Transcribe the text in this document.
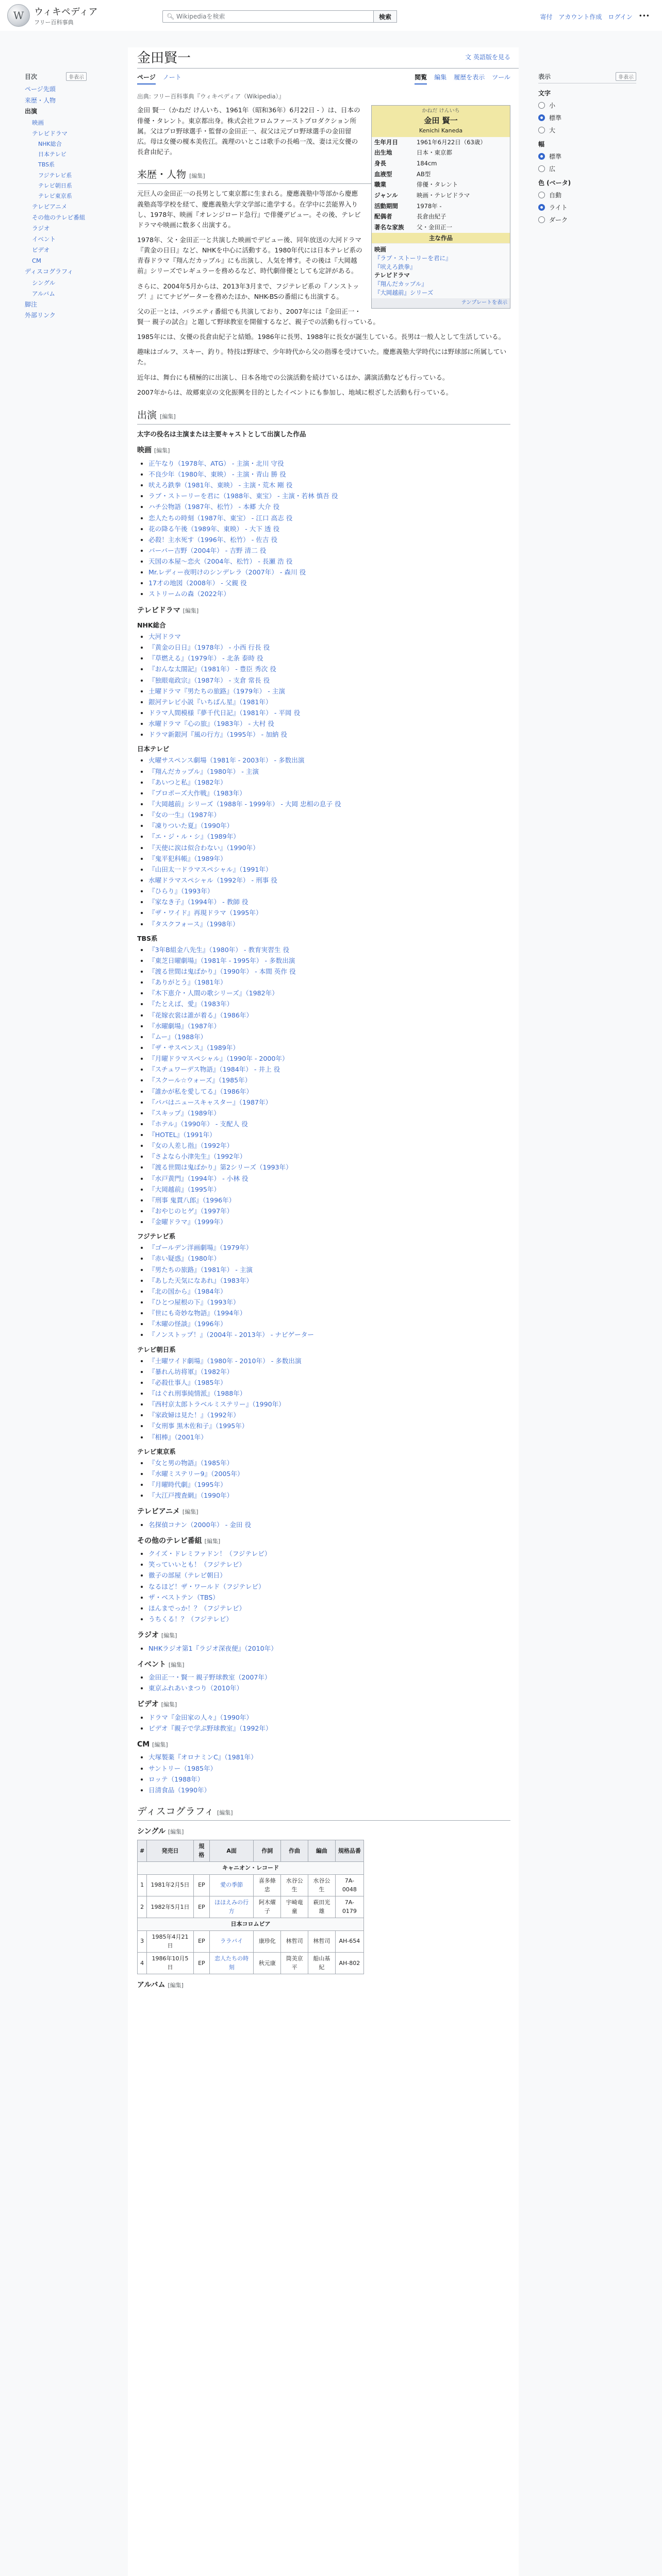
W	ウィキペディア
フリー百科事典
🔍︎ Wikipediaを検索	検索	寄付 アカウント作成 ログイン •••
目次	非表示
ページ先頭
来歴・人物
出演
映画
テレビドラマ
NHK総合
日本テレビ
TBS系
フジテレビ系
テレビ朝日系
テレビ東京系
テレビアニメ
その他のテレビ番組
ラジオ
イベント
ビデオ
CM
ディスコグラフィ
シングル
アルバム
脚注
外部リンク
表示	非表示
文字
小
標準
大
幅
標準
広
色 (ベータ)
自動
ライト
ダーク
金田賢一	文 英語版を見る
ページ ノート	閲覧 編集 履歴を表示 ツール
出典: フリー百科事典『ウィキペディア（Wikipedia）』
かねだ けんいち
金田 賢一
Kenichi Kaneda
生年月日	1961年6月22日（63歳）
出生地	日本・東京都
身長	184cm
血液型	AB型
職業	俳優・タレント
ジャンル	映画・テレビドラマ
活動期間	1978年 -
配偶者	長倉由紀子
著名な家族	父・金田正一
主な作品
映画
『ラブ・ストーリーを君に』
『吠えろ鉄拳』
テレビドラマ
『翔んだカップル』
『大岡越前』シリーズ
テンプレートを表示

金田 賢一（かねだ けんいち、1961年（昭和36年）6月22日 - ）は、日本の俳優・タレント。東京都出身。株式会社フロムファーストプロダクション所属。父はプロ野球選手・監督の金田正一、叔父は元プロ野球選手の金田留広。母は女優の榎本美佐江。義理のいとこは歌手の長嶋一茂、妻は元女優の長倉由紀子。

来歴・人物 [編集]

元巨人の金田正一の長男として東京都に生まれる。慶應義塾中等部から慶應義塾高等学校を経て、慶應義塾大学文学部に進学する。在学中に芸能界入りし、1978年、映画『オレンジロード急行』で俳優デビュー。その後、テレビドラマや映画に数多く出演する。

1978年、父・金田正一と共演した映画でデビュー後、同年放送の大河ドラマ『黄金の日日』など、NHKを中心に活動する。1980年代には日本テレビ系の青春ドラマ『翔んだカップル』にも出演し、人気を博す。その後は『大岡越前』シリーズでレギュラーを務めるなど、時代劇俳優としても定評がある。

さらに、2004年5月からは、2013年3月まで、フジテレビ系の『ノンストップ！』にてナビゲーターを務めたほか、NHK-BSの番組にも出演する。

父の正一とは、バラエティ番組でも共演しており、2007年には『金田正一・賢一 親子の試合』と題して野球教室を開催するなど、親子での活動も行っている。

1985年には、女優の長倉由紀子と結婚。1986年に長男、1988年に長女が誕生している。長男は一般人として生活している。

趣味はゴルフ、スキー、釣り。特技は野球で、少年時代から父の指導を受けていた。慶應義塾大学時代には野球部に所属していた。

近年は、舞台にも積極的に出演し、日本各地での公演活動を続けているほか、講演活動なども行っている。

2007年からは、故郷東京の文化振興を目的としたイベントにも参加し、地域に根ざした活動も行っている。

出演 [編集]
太字の役名は主演または主要キャストとして出演した作品
映画 [編集]
• 正午なり（1978年、ATG） - 主演・北川 守役
• 不良少年（1980年、東映） - 主演・青山 勝 役
• 吠えろ鉄拳（1981年、東映） - 主演・荒木 剛 役
• ラブ・ストーリーを君に（1988年、東宝） - 主演・若林 慎吾 役
• ハチ公物語（1987年、松竹） - 本郷 大介 役
• 恋人たちの時刻（1987年、東宝） - 江口 高志 役
• 花の降る午後（1989年、東映） - 大下 透 役
• 必殺！主水死す（1996年、松竹） - 佐吉 役
• バーバー吉野（2004年） - 吉野 清二 役
• 天国の本屋〜恋火（2004年、松竹） - 長瀬 浩 役
• Mr.レディー夜明けのシンデレラ（2007年） - 森川 役
• 17才の地図（2008年） - 父親 役
• ストリームの森（2022年）
テレビドラマ [編集]
NHK総合
• 大河ドラマ
• 『黄金の日日』（1978年） - 小西 行長 役
• 『草燃える』（1979年） - 北条 泰時 役
• 『おんな太閤記』（1981年） - 豊臣 秀次 役
• 『独眼竜政宗』（1987年） - 支倉 常長 役
• 土曜ドラマ『男たちの旅路』（1979年） - 主演
• 銀河テレビ小説『いちばん星』（1981年）
• ドラマ人間模様『夢千代日記』（1981年） - 平岡 役
• 水曜ドラマ『心の旅』（1983年） - 大村 役
• ドラマ新銀河『風の行方』（1995年） - 加納 役
日本テレビ
• 火曜サスペンス劇場（1981年 - 2003年） - 多数出演
• 『翔んだカップル』（1980年） - 主演
• 『あいつと私』（1982年）
• 『プロポーズ大作戦』（1983年）
• 『大岡越前』シリーズ（1988年 - 1999年） - 大岡 忠相の息子 役
• 『女の一生』（1987年）
• 『凍りついた夏』（1990年）
• 『エ・ジ・ル・シ』（1989年）
• 『天使に涙は似合わない』（1990年）
• 『鬼平犯科帳』（1989年）
• 『山田太一ドラマスペシャル』（1991年）
• 水曜ドラマスペシャル（1992年） - 刑事 役
• 『ひらり』（1993年）
• 『家なき子』（1994年） - 教師 役
• 『ザ・ワイド』再現ドラマ（1995年）
• 『タスクフォース』（1998年）
TBS系
• 『3年B組金八先生』（1980年） - 教育実習生 役
• 『東芝日曜劇場』（1981年 - 1995年） - 多数出演
• 『渡る世間は鬼ばかり』（1990年） - 本間 英作 役
• 『ありがとう』（1981年）
• 『木下恵介・人間の歌シリーズ』（1982年）
• 『たとえば、愛』（1983年）
• 『花嫁衣裳は誰が着る』（1986年）
• 『水曜劇場』（1987年）
• 『ムー』（1988年）
• 『ザ・サスペンス』（1989年）
• 『月曜ドラマスペシャル』（1990年 - 2000年）
• 『スチュワーデス物語』（1984年） - 井上 役
• 『スクール☆ウォーズ』（1985年）
• 『誰かが私を愛してる』（1986年）
• 『パパはニュースキャスター』（1987年）
• 『スキップ』（1989年）
• 『ホテル』（1990年） - 支配人 役
• 『HOTEL』（1991年）
• 『女の人差し指』（1992年）
• 『さよなら小津先生』（1992年）
• 『渡る世間は鬼ばかり』第2シリーズ（1993年）
• 『水戸黄門』（1994年） - 小林 役
• 『大岡越前』（1995年）
• 『刑事 鬼貫八郎』（1996年）
• 『おやじのヒゲ』（1997年）
• 『金曜ドラマ』（1999年）
フジテレビ系
• 『ゴールデン洋画劇場』（1979年）
• 『赤い疑惑』（1980年）
• 『男たちの旅路』（1981年） - 主演
• 『あした天気になあれ』（1983年）
• 『北の国から』（1984年）
• 『ひとつ屋根の下』（1993年）
• 『世にも奇妙な物語』（1994年）
• 『木曜の怪談』（1996年）
• 『ノンストップ！』（2004年 - 2013年） - ナビゲーター
テレビ朝日系
• 『土曜ワイド劇場』（1980年 - 2010年） - 多数出演
• 『暴れん坊将軍』（1982年）
• 『必殺仕事人』（1985年）
• 『はぐれ刑事純情派』（1988年）
• 『西村京太郎トラベルミステリー』（1990年）
• 『家政婦は見た！』（1992年）
• 『女刑事 黒木佐和子』（1995年）
• 『相棒』（2001年）
テレビ東京系
• 『女と男の物語』（1985年）
• 『水曜ミステリー9』（2005年）
• 『月曜時代劇』（1995年）
• 『大江戸捜査網』（1990年）
テレビアニメ [編集]
• 名探偵コナン（2000年） - 金田 役
その他のテレビ番組 [編集]
• クイズ・ドレミファドン！（フジテレビ）
• 笑っていいとも！（フジテレビ）
• 徹子の部屋（テレビ朝日）
• なるほど！ザ・ワールド（フジテレビ）
• ザ・ベストテン（TBS）
• ほんまでっか！？（フジテレビ）
• うちくる！？（フジテレビ）
ラジオ [編集]
• NHKラジオ第1『ラジオ深夜便』（2010年）
イベント [編集]
• 金田正一・賢一 親子野球教室（2007年）
• 東京ふれあいまつり（2010年）
ビデオ [編集]
• ドラマ『金田家の人々』（1990年）
• ビデオ『親子で学ぶ野球教室』（1992年）
CM [編集]
• 大塚製薬『オロナミンC』（1981年）
• サントリー（1985年）
• ロッテ（1988年）
• 日清食品（1990年）
ディスコグラフィ [編集]
シングル [編集]
#	発売日	規格	A面	作詞	作曲	編曲	規格品番
キャニオン・レコード							
1	1981年2月5日	EP	愛の季節	喜多條忠	水谷公生	水谷公生	7A-0048
2	1982年5月1日	EP	ほほえみの行方	阿木燿子	宇崎竜童	萩田光雄	7A-0179
日本コロムビア							
3	1985年4月21日	EP	ララバイ	康珍化	林哲司	林哲司	AH-654
4	1986年10月5日	EP	恋人たちの時刻	秋元康	筒美京平	船山基紀	AH-802
アルバム [編集]
